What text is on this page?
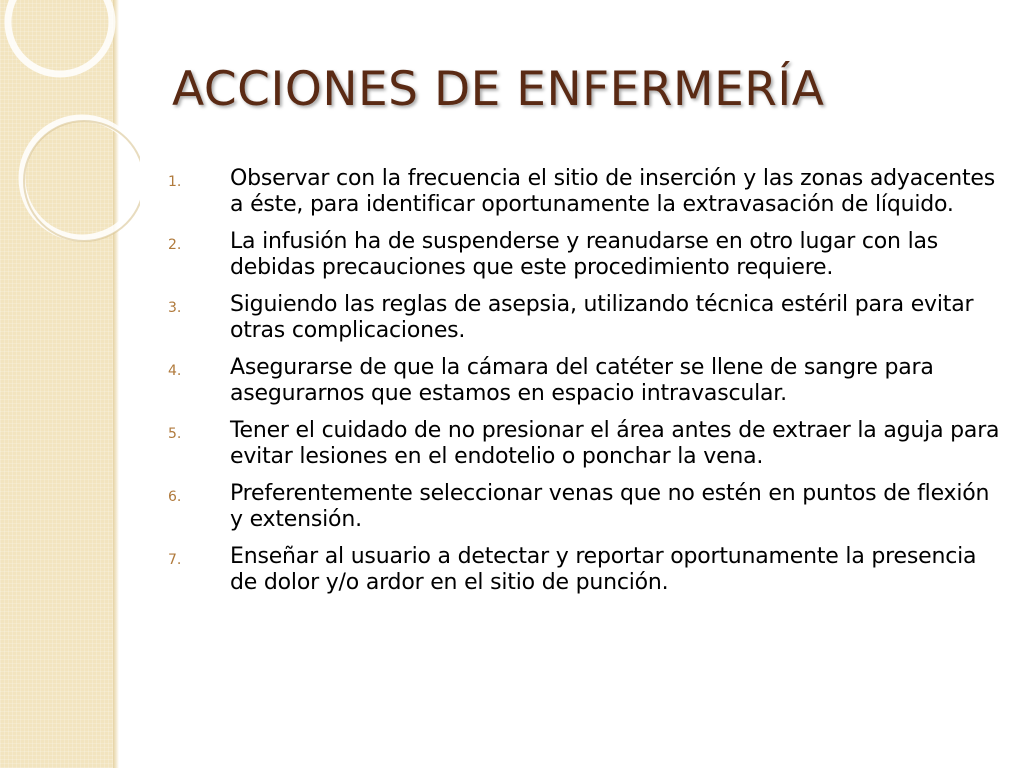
ACCIONES DE ENFERMERÍA
1.	Observar con la frecuencia el sitio de inserción y las zonas adyacentes a éste, para identificar oportunamente la extravasación de líquido.
2.	La infusión ha de suspenderse y reanudarse en otro lugar con las debidas precauciones que este procedimiento requiere.
3.	Siguiendo las reglas de asepsia, utilizando técnica estéril para evitar otras complicaciones.
4.	Asegurarse de que la cámara del catéter se llene de sangre para asegurarnos que estamos en espacio intravascular.
5.	Tener el cuidado de no presionar el área antes de extraer la aguja para evitar lesiones en el endotelio o ponchar la vena.
6.	Preferentemente seleccionar venas que no estén en puntos de flexión y extensión.
7.	Enseñar al usuario a detectar y reportar oportunamente la presencia de dolor y/o ardor en el sitio de punción.
